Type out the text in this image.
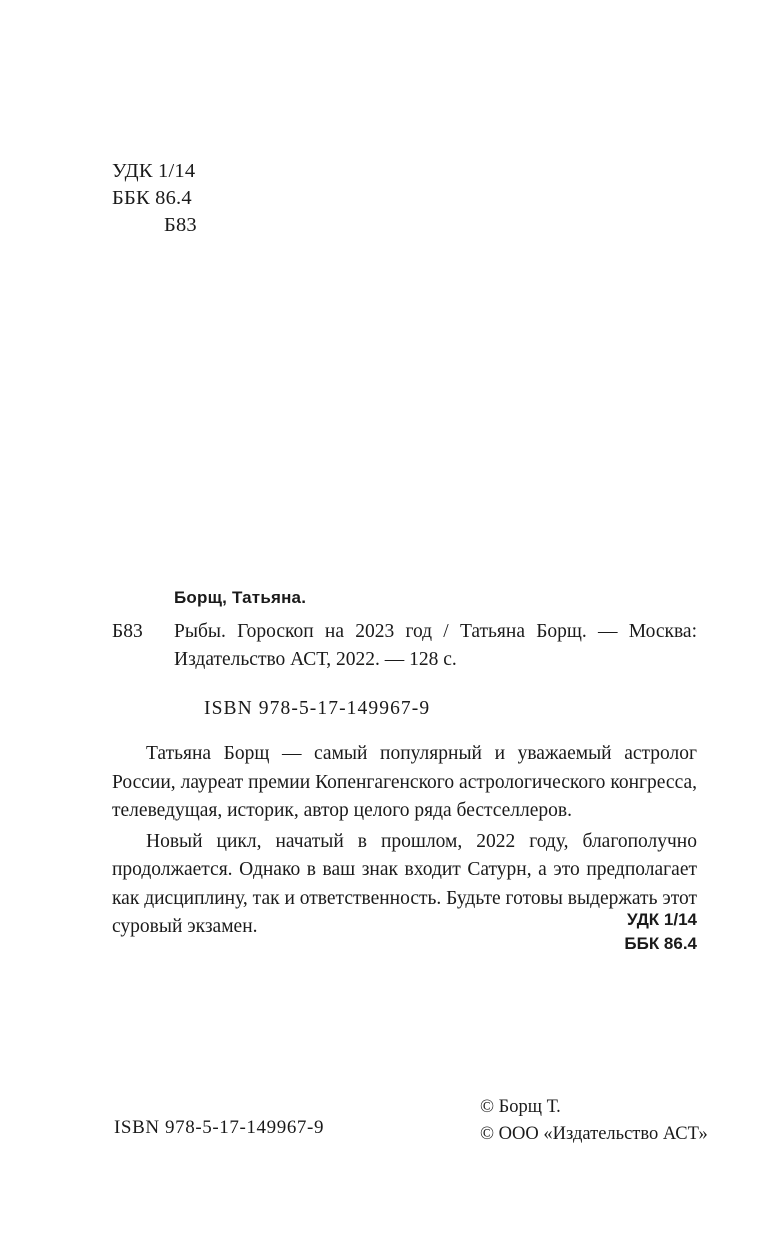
УДК 1/14
ББК 86.4
Б83
Борщ, Татьяна.
Б83	Рыбы. Гороскоп на 2023 год / Татьяна Борщ. — Москва: Издательство АСТ, 2022. — 128 с.
ISBN 978-5-17-149967-9
Татьяна Борщ — самый популярный и уважаемый астролог России, лауреат премии Копенгагенского астрологического конгресса, телеведущая, историк, автор целого ряда бестселлеров.
Новый цикл, начатый в прошлом, 2022 году, благополучно продолжается. Однако в ваш знак входит Сатурн, а это предполагает как дисциплину, так и ответственность. Будьте готовы выдержать этот суровый экзамен.	УДК 1/14
ББК 86.4
ISBN 978-5-17-149967-9
© Борщ Т.
© ООО «Издательство АСТ»
